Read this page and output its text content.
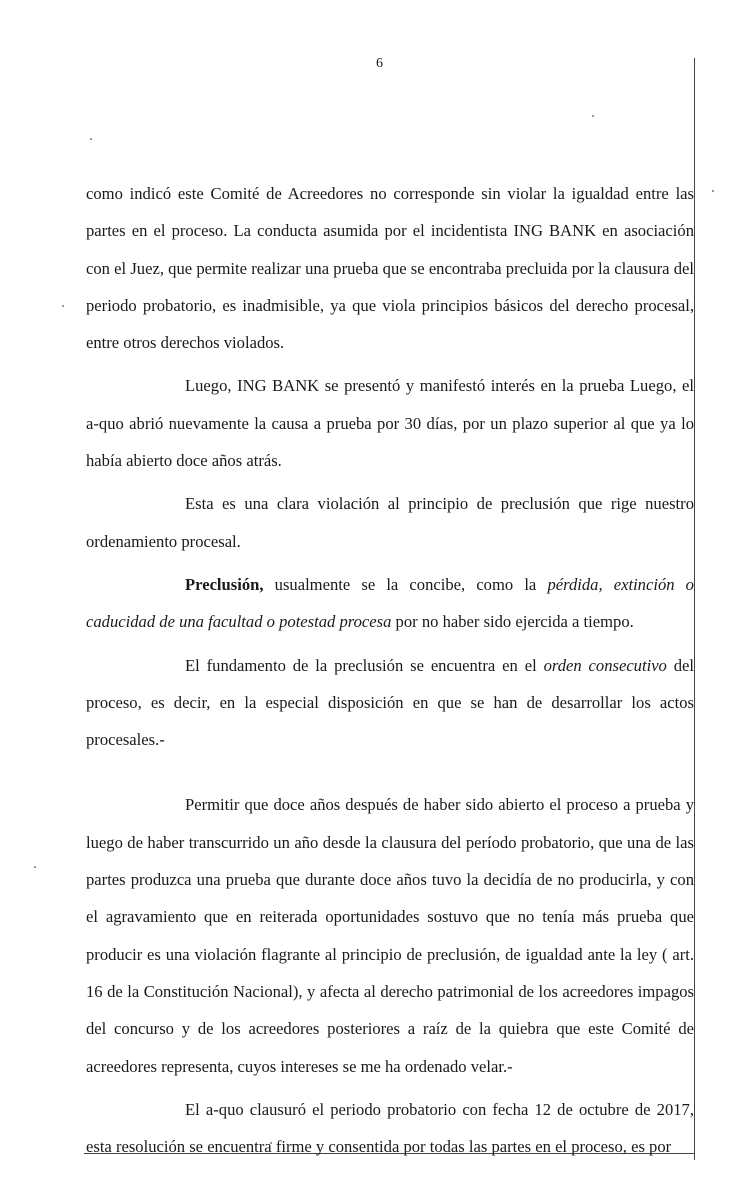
6

como indicó este Comité de Acreedores no corresponde sin violar la igualdad entre las partes en el proceso. La conducta asumida por el incidentista ING BANK en asociación con el Juez, que permite realizar una prueba que se encontraba precluida por la clausura del periodo probatorio, es inadmisible, ya que viola principios básicos del derecho procesal, entre otros derechos violados.

Luego, ING BANK se presentó y manifestó interés en la prueba Luego, el a-quo abrió nuevamente la causa a prueba por 30 días, por un plazo superior al que ya lo había abierto doce años atrás.

Esta es una clara violación al principio de preclusión que rige nuestro ordenamiento procesal.

Preclusión, usualmente se la concibe, como la pérdida, extinción o caducidad de una facultad o potestad procesa por no haber sido ejercida a tiempo.

El fundamento de la preclusión se encuentra en el orden consecutivo del proceso, es decir, en la especial disposición en que se han de desarrollar los actos procesales.-

Permitir que doce años después de haber sido abierto el proceso a prueba y luego de haber transcurrido un año desde la clausura del período probatorio, que una de las partes produzca una prueba que durante doce años tuvo la decidía de no producirla, y con el agravamiento que en reiterada oportunidades sostuvo que no tenía más prueba que producir es una violación flagrante al principio de preclusión, de igualdad ante la ley ( art. 16 de la Constitución Nacional), y afecta al derecho patrimonial de los acreedores impagos del concurso y de los acreedores posteriores a raíz de la quiebra que este Comité de acreedores representa, cuyos intereses se me ha ordenado velar.-

El a-quo clausuró el periodo probatorio con fecha 12 de octubre de 2017, esta resolución se encuentra firme y consentida por todas las partes en el proceso, es por
